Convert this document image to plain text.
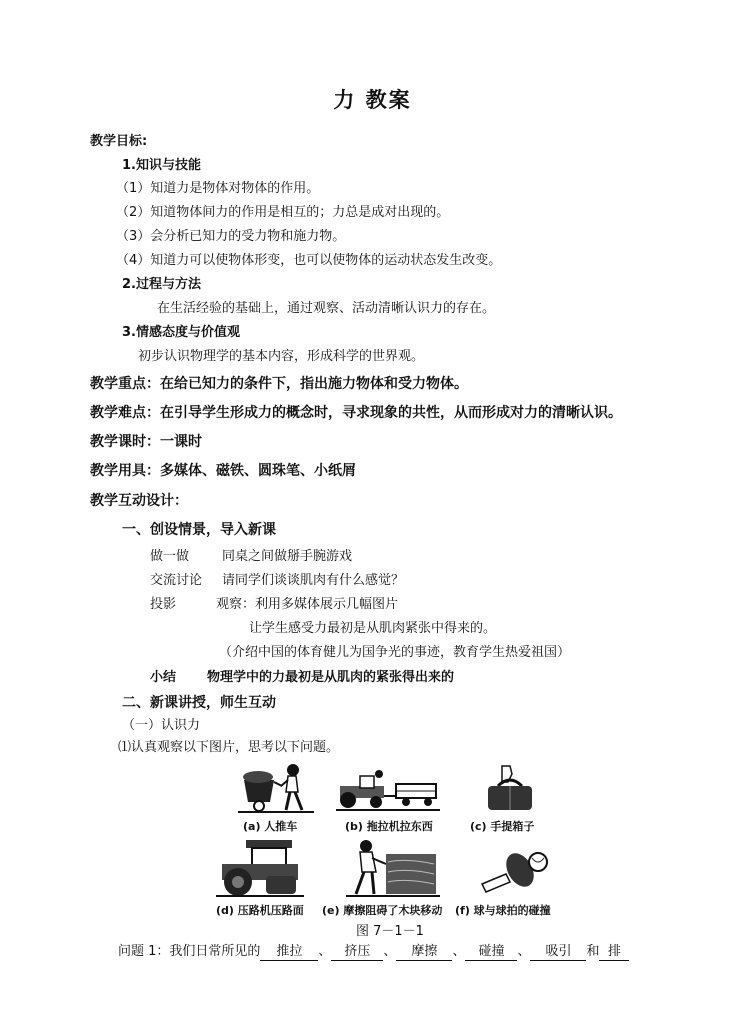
力 教案
教学目标:
1.知识与技能
（1）知道力是物体对物体的作用。
（2）知道物体间力的作用是相互的；力总是成对出现的。
（3）会分析已知力的受力物和施力物。
（4）知道力可以使物体形变，也可以使物体的运动状态发生改变。
2.过程与方法
在生活经验的基础上，通过观察、活动清晰认识力的存在。
3.情感态度与价值观
初步认识物理学的基本内容，形成科学的世界观。
教学重点：在给已知力的条件下，指出施力物体和受力物体。
教学难点：在引导学生形成力的概念时，寻求现象的共性，从而形成对力的清晰认识。
教学课时：一课时
教学用具：多媒体、磁铁、圆珠笔、小纸屑
教学互动设计：
一、创设情景，导入新课
做一做	同桌之间做掰手腕游戏
交流讨论 请同学们谈谈肌肉有什么感觉？
投影	观察：利用多媒体展示几幅图片
让学生感受力最初是从肌肉紧张中得来的。
（介绍中国的体育健儿为国争光的事迹，教育学生热爱祖国）
小结 物理学中的力最初是从肌肉的紧张得出来的
二、新课讲授，师生互动
（一）认识力
⑴认真观察以下图片，思考以下问题。
(a) 人推车	(b) 拖拉机拉东西	(c) 手提箱子
(d) 压路机压路面 (e) 摩擦阻碍了木块移动 (f) 球与球拍的碰撞
图 7－1－1
问题 1：我们日常所见的 推拉 、 挤压 、 摩擦 、 碰撞 、 吸引 和 排
